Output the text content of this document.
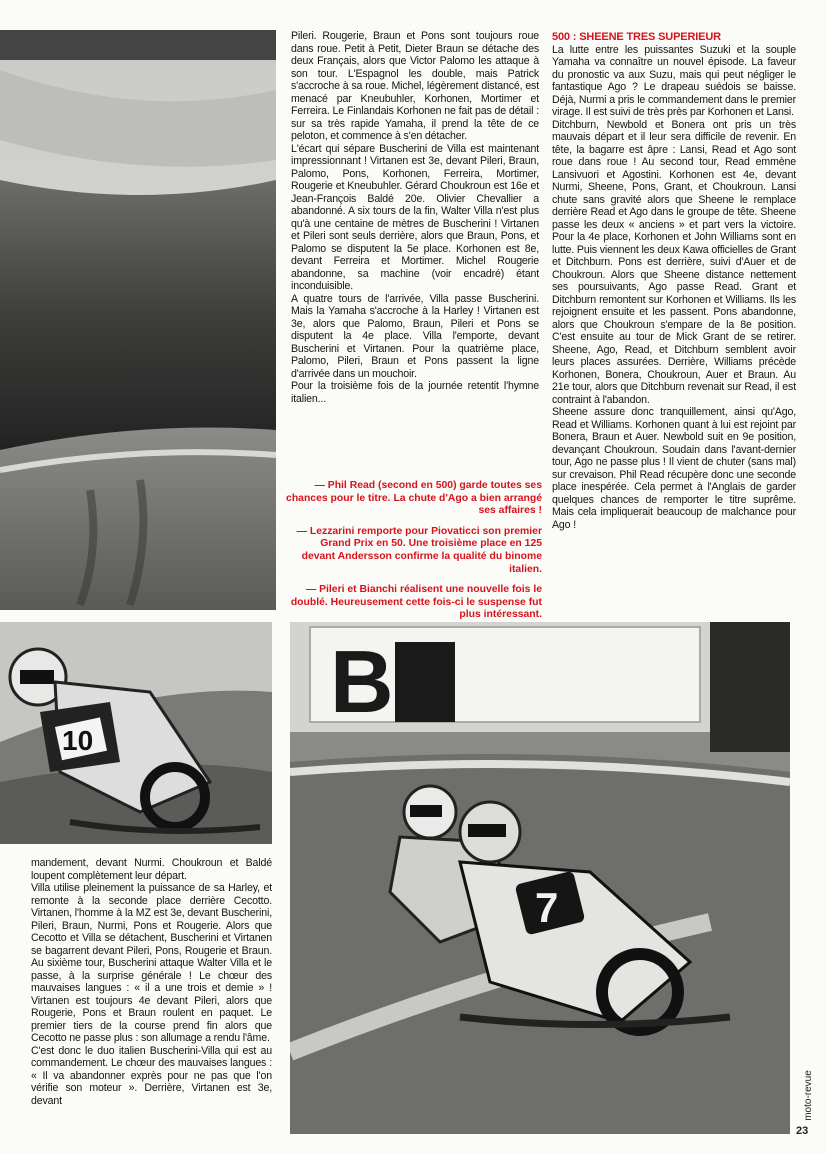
10
B
7
mandement, devant Nurmi. Choukroun et Baldé loupent complètement leur départ.
Villa utilise pleinement la puissance de sa Harley, et remonte à la seconde place derrière Cecotto. Virtanen, l'homme à la MZ est 3e, devant Buscherini, Pileri, Braun, Nurmi, Pons et Rougerie. Alors que Cecotto et Villa se détachent, Buscherini et Virtanen se bagarrent devant Pileri, Pons, Rougerie et Braun. Au sixième tour, Buscherini attaque Walter Villa et le passe, à la surprise générale ! Le chœur des mauvaises langues : « il a une trois et demie » ! Virtanen est toujours 4e devant Pileri, alors que Rougerie, Pons et Braun roulent en paquet. Le premier tiers de la course prend fin alors que Cecotto ne passe plus : son allumage a rendu l'âme.
C'est donc le duo italien Buscherini-Villa qui est au commandement. Le chœur des mauvaises langues : « Il va abandonner exprès pour ne pas que l'on vérifie son moteur ». Derrière, Virtanen est 3e, devant
Pileri. Rougerie, Braun et Pons sont toujours roue dans roue. Petit à Petit, Dieter Braun se détache des deux Français, alors que Victor Palomo les attaque à son tour. L'Espagnol les double, mais Patrick s'accroche à sa roue. Michel, légèrement distancé, est menacé par Kneubuhler, Korhonen, Mortimer et Ferreira. Le Finlandais Korhonen ne fait pas de détail : sur sa très rapide Yamaha, il prend la tête de ce peloton, et commence à s'en détacher.
L'écart qui sépare Buscherini de Villa est maintenant impressionnant ! Virtanen est 3e, devant Pileri, Braun, Palomo, Pons, Korhonen, Ferreira, Mortimer, Rougerie et Kneubuhler. Gérard Choukroun est 16e et Jean-François Baldé 20e. Olivier Chevallier a abandonné. A six tours de la fin, Walter Villa n'est plus qu'à une centaine de mètres de Buscherini ! Virtanen et Pileri sont seuls derrière, alors que Braun, Pons, et Palomo se disputent la 5e place. Korhonen est 8e, devant Ferreira et Mortimer. Michel Rougerie abandonne, sa machine (voir encadré) étant inconduisible.
A quatre tours de l'arrivée, Villa passe Buscherini. Mais la Yamaha s'accroche à la Harley ! Virtanen est 3e, alors que Palomo, Braun, Pileri et Pons se disputent la 4e place. Villa l'emporte, devant Buscherini et Virtanen. Pour la quatrième place, Palomo, Pileri, Braun et Pons passent la ligne d'arrivée dans un mouchoir.
Pour la troisième fois de la journée retentit l'hymne italien...

— Phil Read (second en 500) garde toutes ses chances pour le titre. La chute d'Ago a bien arrangé ses affaires !

— Lezzarini remporte pour Piovaticci son premier Grand Prix en 50. Une troisième place en 125 devant Andersson confirme la qualité du binome italien.

— Pileri et Bianchi réalisent une nouvelle fois le doublé. Heureusement cette fois-ci le suspense fut plus intéressant.

500 : SHEENE TRES SUPERIEUR
La lutte entre les puissantes Suzuki et la souple Yamaha va connaître un nouvel épisode. La faveur du pronostic va aux Suzu, mais qui peut négliger le fantastique Ago ? Le drapeau suédois se baisse. Déjà, Nurmi a pris le commandement dans le premier virage. Il est suivi de très près par Korhonen et Lansi.
Ditchburn, Newbold et Bonera ont pris un très mauvais départ et il leur sera difficile de revenir. En tête, la bagarre est âpre : Lansi, Read et Ago sont roue dans roue ! Au second tour, Read emmène Lansivuori et Agostini. Korhonen est 4e, devant Nurmi, Sheene, Pons, Grant, et Choukroun. Lansi chute sans gravité alors que Sheene le remplace derrière Read et Ago dans le groupe de tête. Sheene passe les deux « anciens » et part vers la victoire. Pour la 4e place, Korhonen et John Williams sont en lutte. Puis viennent les deux Kawa officielles de Grant et Ditchburn. Pons est derrière, suivi d'Auer et de Choukroun. Alors que Sheene distance nettement ses poursuivants, Ago passe Read. Grant et Ditchburn remontent sur Korhonen et Williams. Ils les rejoignent ensuite et les passent. Pons abandonne, alors que Choukroun s'empare de la 8e position. C'est ensuite au tour de Mick Grant de se retirer. Sheene, Ago, Read, et Ditchburn semblent avoir leurs places assurées. Derrière, Williams précède Korhonen, Bonera, Choukroun, Auer et Braun. Au 21e tour, alors que Ditchburn revenait sur Read, il est contraint à l'abandon.
Sheene assure donc tranquillement, ainsi qu'Ago, Read et Williams. Korhonen quant à lui est rejoint par Bonera, Braun et Auer. Newbold suit en 9e position, devançant Choukroun. Soudain dans l'avant-dernier tour, Ago ne passe plus ! Il vient de chuter (sans mal) sur crevaison. Phil Read récupère donc une seconde place inespérée. Cela permet à l'Anglais de garder quelques chances de remporter le titre suprême. Mais cela impliquerait beaucoup de malchance pour Ago !
moto-revue
23
